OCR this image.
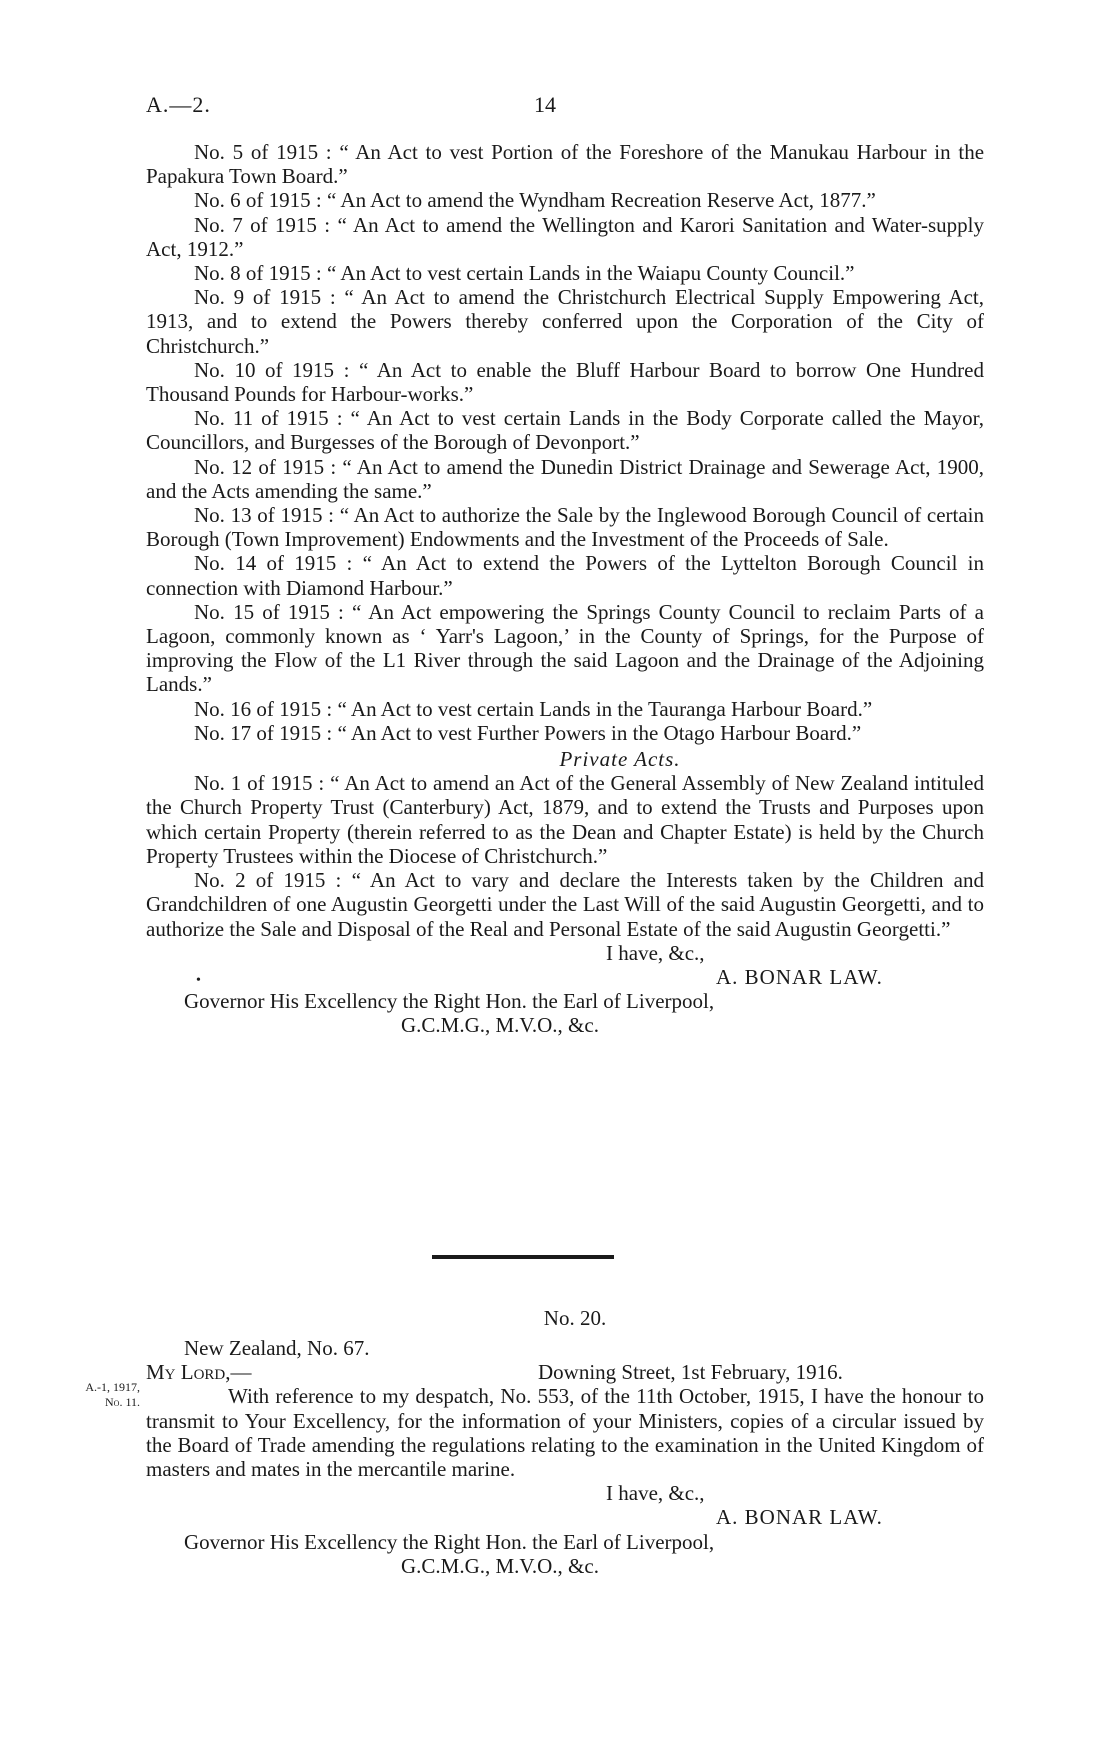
A.—2.	14

No. 5 of 1915 : “ An Act to vest Portion of the Foreshore of the Manukau Harbour in the Papakura Town Board.”

No. 6 of 1915 : “ An Act to amend the Wyndham Recreation Reserve Act, 1877.”

No. 7 of 1915 : “ An Act to amend the Wellington and Karori Sanitation and Water-supply Act, 1912.”

No. 8 of 1915 : “ An Act to vest certain Lands in the Waiapu County Council.”

No. 9 of 1915 : “ An Act to amend the Christchurch Electrical Supply Empowering Act, 1913, and to extend the Powers thereby conferred upon the Corporation of the City of Christchurch.”

No. 10 of 1915 : “ An Act to enable the Bluff Harbour Board to borrow One Hundred Thousand Pounds for Harbour-works.”

No. 11 of 1915 : “ An Act to vest certain Lands in the Body Corporate called the Mayor, Councillors, and Burgesses of the Borough of Devonport.”

No. 12 of 1915 : “ An Act to amend the Dunedin District Drainage and Sewerage Act, 1900, and the Acts amending the same.”

No. 13 of 1915 : “ An Act to authorize the Sale by the Inglewood Borough Council of certain Borough (Town Improvement) Endowments and the Investment of the Proceeds of Sale.

No. 14 of 1915 : “ An Act to extend the Powers of the Lyttelton Borough Council in connection with Diamond Harbour.”

No. 15 of 1915 : “ An Act empowering the Springs County Council to reclaim Parts of a Lagoon, commonly known as ‘ Yarr's Lagoon,’ in the County of Springs, for the Purpose of improving the Flow of the L1 River through the said Lagoon and the Drainage of the Adjoining Lands.”

No. 16 of 1915 : “ An Act to vest certain Lands in the Tauranga Harbour Board.”

No. 17 of 1915 : “ An Act to vest Further Powers in the Otago Harbour Board.”

Private Acts.

No. 1 of 1915 : “ An Act to amend an Act of the General Assembly of New Zealand intituled the Church Property Trust (Canterbury) Act, 1879, and to extend the Trusts and Purposes upon which certain Property (therein referred to as the Dean and Chapter Estate) is held by the Church Property Trustees within the Diocese of Christchurch.”

No. 2 of 1915 : “ An Act to vary and declare the Interests taken by the Children and Grandchildren of one Augustin Georgetti under the Last Will of the said Augustin Georgetti, and to authorize the Sale and Disposal of the Real and Personal Estate of the said Augustin Georgetti.”

I have, &c.,

•	A. BONAR LAW.

Governor His Excellency the Right Hon. the Earl of Liverpool,

G.C.M.G., M.V.O., &c.

A.-1, 1917,
No. 11.

No. 20.

New Zealand, No. 67.

My Lord,—	Downing Street, 1st February, 1916.

With reference to my despatch, No. 553, of the 11th October, 1915, I have the honour to transmit to Your Excellency, for the information of your Ministers, copies of a circular issued by the Board of Trade amending the regulations relating to the examination in the United Kingdom of masters and mates in the mercantile marine.

I have, &c.,

A. BONAR LAW.

Governor His Excellency the Right Hon. the Earl of Liverpool,

G.C.M.G., M.V.O., &c.
